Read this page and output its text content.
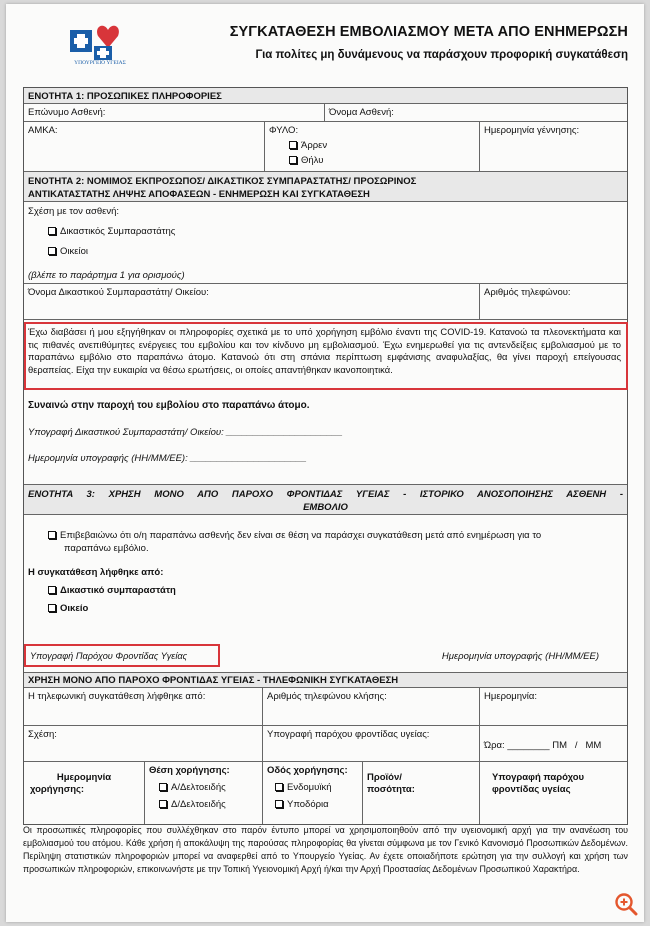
ΥΠΟΥΡΓΕΙΟ ΥΓΕΙΑΣ
ΣΥΓΚΑΤΑΘΕΣΗ ΕΜΒΟΛΙΑΣΜΟΥ ΜΕΤΑ ΑΠΟ ΕΝΗΜΕΡΩΣΗ
Για πολίτες μη δυνάμενους να παράσχουν προφορική συγκατάθεση
ΕΝΟΤΗΤΑ 1: ΠΡΟΣΩΠΙΚΕΣ ΠΛΗΡΟΦΟΡΙΕΣ
Επώνυμο Ασθενή:	Όνομα Ασθενή:
ΑΜΚΑ:	ΦΥΛΟ:
Άρρεν
Θήλυ
Ημερομηνία γέννησης:
ΕΝΟΤΗΤΑ 2: ΝΟΜΙΜΟΣ ΕΚΠΡΟΣΩΠΟΣ/ ΔΙΚΑΣΤΙΚΟΣ ΣΥΜΠΑΡΑΣΤΑΤΗΣ/ ΠΡΟΣΩΡΙΝΟΣ
ΑΝΤΙΚΑΤΑΣΤΑΤΗΣ ΛΗΨΗΣ ΑΠΟΦΑΣΕΩΝ - ΕΝΗΜΕΡΩΣΗ ΚΑΙ ΣΥΓΚΑΤΑΘΕΣΗ
Σχέση με τον ασθενή:
Δικαστικός Συμπαραστάτης
Οικείοι
(βλέπε το παράρτημα 1 για ορισμούς)
Όνομα Δικαστικού Συμπαραστάτη/ Οικείου:	Αριθμός τηλεφώνου:
Έχω διαβάσει ή μου εξηγήθηκαν οι πληροφορίες σχετικά με το υπό χορήγηση εμβόλιο έναντι της COVID-19. Κατανοώ τα πλεονεκτήματα και τις πιθανές ανεπιθύμητες ενέργειες του εμβολίου και τον κίνδυνο μη εμβολιασμού. Έχω ενημερωθεί για τις αντενδείξεις εμβολιασμού με το παραπάνω εμβόλιο στο παραπάνω άτομο. Κατανοώ ότι στη σπάνια περίπτωση εμφάνισης αναφυλαξίας, θα γίνει παροχή επείγουσας θεραπείας. Είχα την ευκαιρία να θέσω ερωτήσεις, οι οποίες απαντήθηκαν ικανοποιητικά.
Συναινώ στην παροχή του εμβολίου στο παραπάνω άτομο.
Υπογραφή Δικαστικού Συμπαραστάτη/ Οικείου: ______________________
Ημερομηνία υπογραφής (ΗΗ/ΜΜ/ΕΕ): ______________________
ΕΝΟΤΗΤΑ 3: ΧΡΗΣΗ ΜΟΝΟ ΑΠΟ ΠΑΡΟΧΟ ΦΡΟΝΤΙΔΑΣ ΥΓΕΙΑΣ - ΙΣΤΟΡΙΚΟ ΑΝΟΣΟΠΟΙΗΣΗΣ ΑΣΘΕΝΗ -
ΕΜΒΟΛΙΟ
Επιβεβαιώνω ότι ο/η παραπάνω ασθενής δεν είναι σε θέση να παράσχει συγκατάθεση μετά από ενημέρωση για το
παραπάνω εμβόλιο.
Η συγκατάθεση λήφθηκε από:
Δικαστικό συμπαραστάτη
Οικείο
Υπογραφή Παρόχου Φροντίδας Υγείας	Ημερομηνία υπογραφής (ΗΗ/ΜΜ/ΕΕ)
ΧΡΗΣΗ ΜΟΝΟ ΑΠΟ ΠΑΡΟΧΟ ΦΡΟΝΤΙΔΑΣ ΥΓΕΙΑΣ - ΤΗΛΕΦΩΝΙΚΗ ΣΥΓΚΑΤΑΘΕΣΗ
Η τηλεφωνική συγκατάθεση λήφθηκε από:	Αριθμός τηλεφώνου κλήσης:	Ημερομηνία:
Σχέση:	Υπογραφή παρόχου φροντίδας υγείας:
Ώρα: ________ ΠΜ   /   ΜΜ
Ημερομηνία
χορήγησης:
Θέση χορήγησης:
Α/Δελτοειδής
Δ/Δελτοειδής
Οδός χορήγησης:
Ενδομυϊκή
Υποδόρια
Προϊόν/
ποσότητα:
Υπογραφή παρόχου
φροντίδας υγείας
Οι προσωπικές πληροφορίες που συλλέχθηκαν στο παρόν έντυπο μπορεί να χρησιμοποιηθούν από την υγειονομική αρχή για την ανανέωση του εμβολιασμού του ατόμου. Κάθε χρήση ή αποκάλυψη της παρούσας πληροφορίας θα γίνεται σύμφωνα με τον Γενικό Κανονισμό Προσωπικών Δεδομένων. Περίληψη στατιστικών πληροφοριών μπορεί να αναφερθεί από το Υπουργείο Υγείας. Αν έχετε οποιαδήποτε ερώτηση για την συλλογή και χρήση των προσωπικών πληροφοριών, επικοινωνήστε με την Τοπική Υγειονομική Αρχή ή/και την Αρχή Προστασίας Δεδομένων Προσωπικού Χαρακτήρα.
